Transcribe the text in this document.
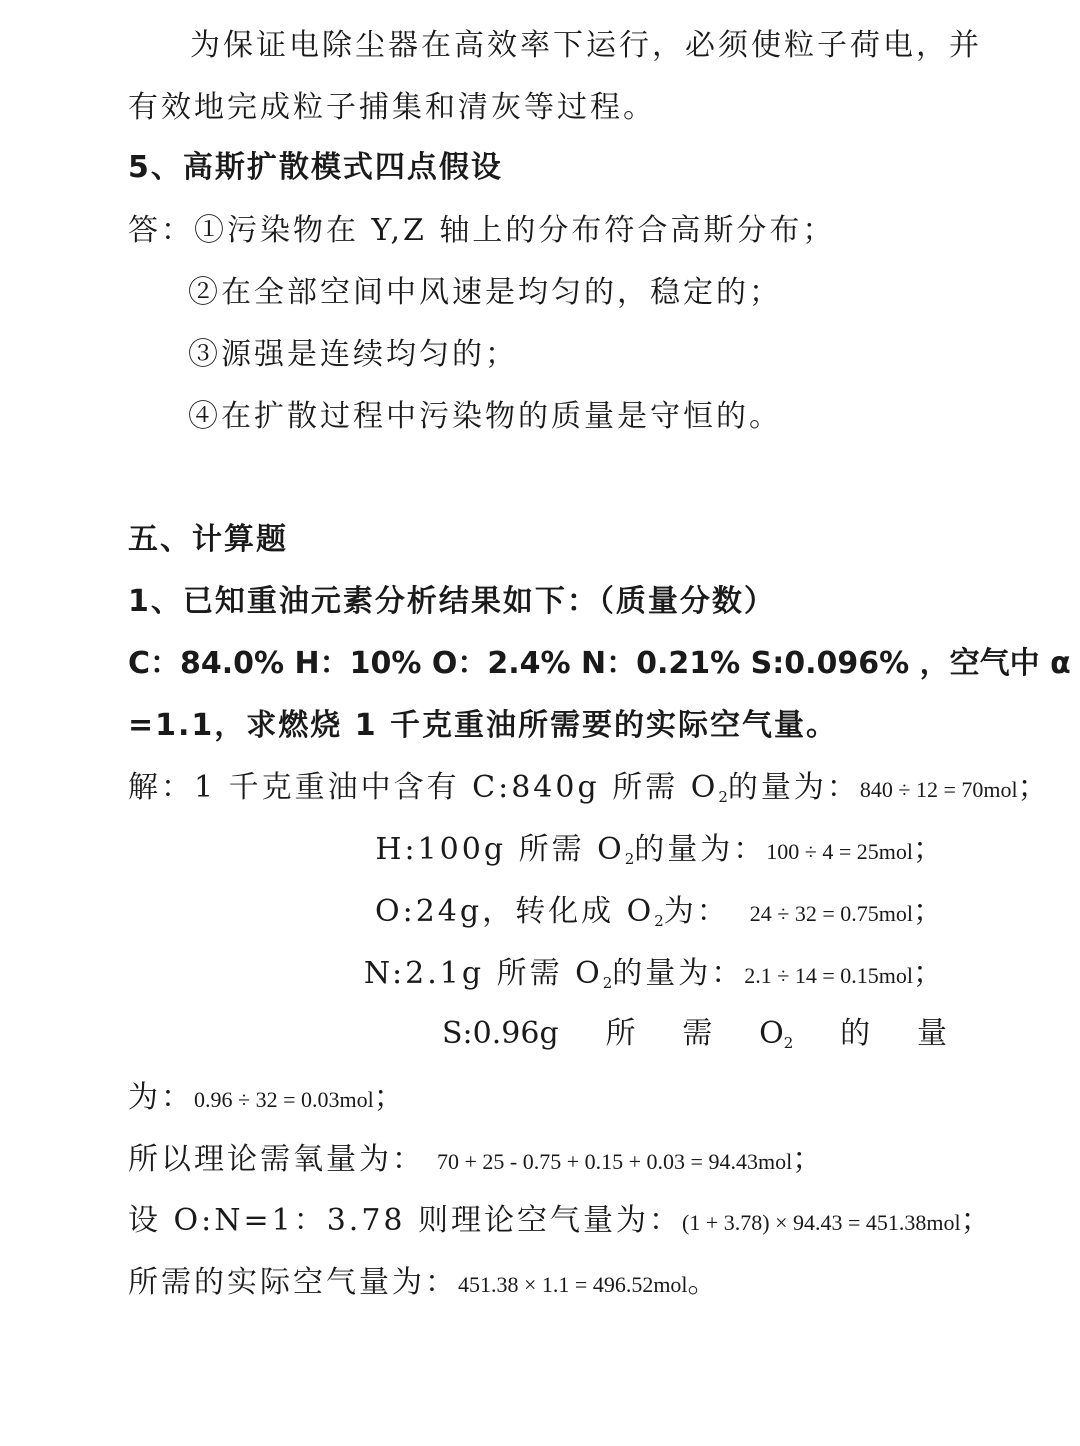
为保证电除尘器在高效率下运行，必须使粒子荷电，并
有效地完成粒子捕集和清灰等过程。
5、高斯扩散模式四点假设
答：①污染物在 Y,Z 轴上的分布符合高斯分布；
②在全部空间中风速是均匀的，稳定的；
③源强是连续均匀的；
④在扩散过程中污染物的质量是守恒的。
五、计算题
1、已知重油元素分析结果如下：（质量分数）
C：84.0% H：10% O：2.4% N：0.21% S:0.096% ，空气中 α
=1.1，求燃烧 1 千克重油所需要的实际空气量。
解：1 千克重油中含有 C:840g 所需 $O_2$的量为：840 ÷ 12 = 70mol；
H:100g 所需 $O_2$的量为：100 ÷ 4 = 25mol；
O:24g，转化成 $O_2$为： 24 ÷ 32 = 0.75mol；
N:2.1g 所需 $O_2$的量为：2.1 ÷ 14 = 0.15mol；
S:0.96g 所 需 $O_2$ 的 量
为：0.96 ÷ 32 = 0.03mol；
所以理论需氧量为： 70 + 25 - 0.75 + 0.15 + 0.03 = 94.43mol；
设 O:N=1：3.78 则理论空气量为：(1 + 3.78) × 94.43 = 451.38mol；
所需的实际空气量为：451.38 × 1.1 = 496.52mol。
